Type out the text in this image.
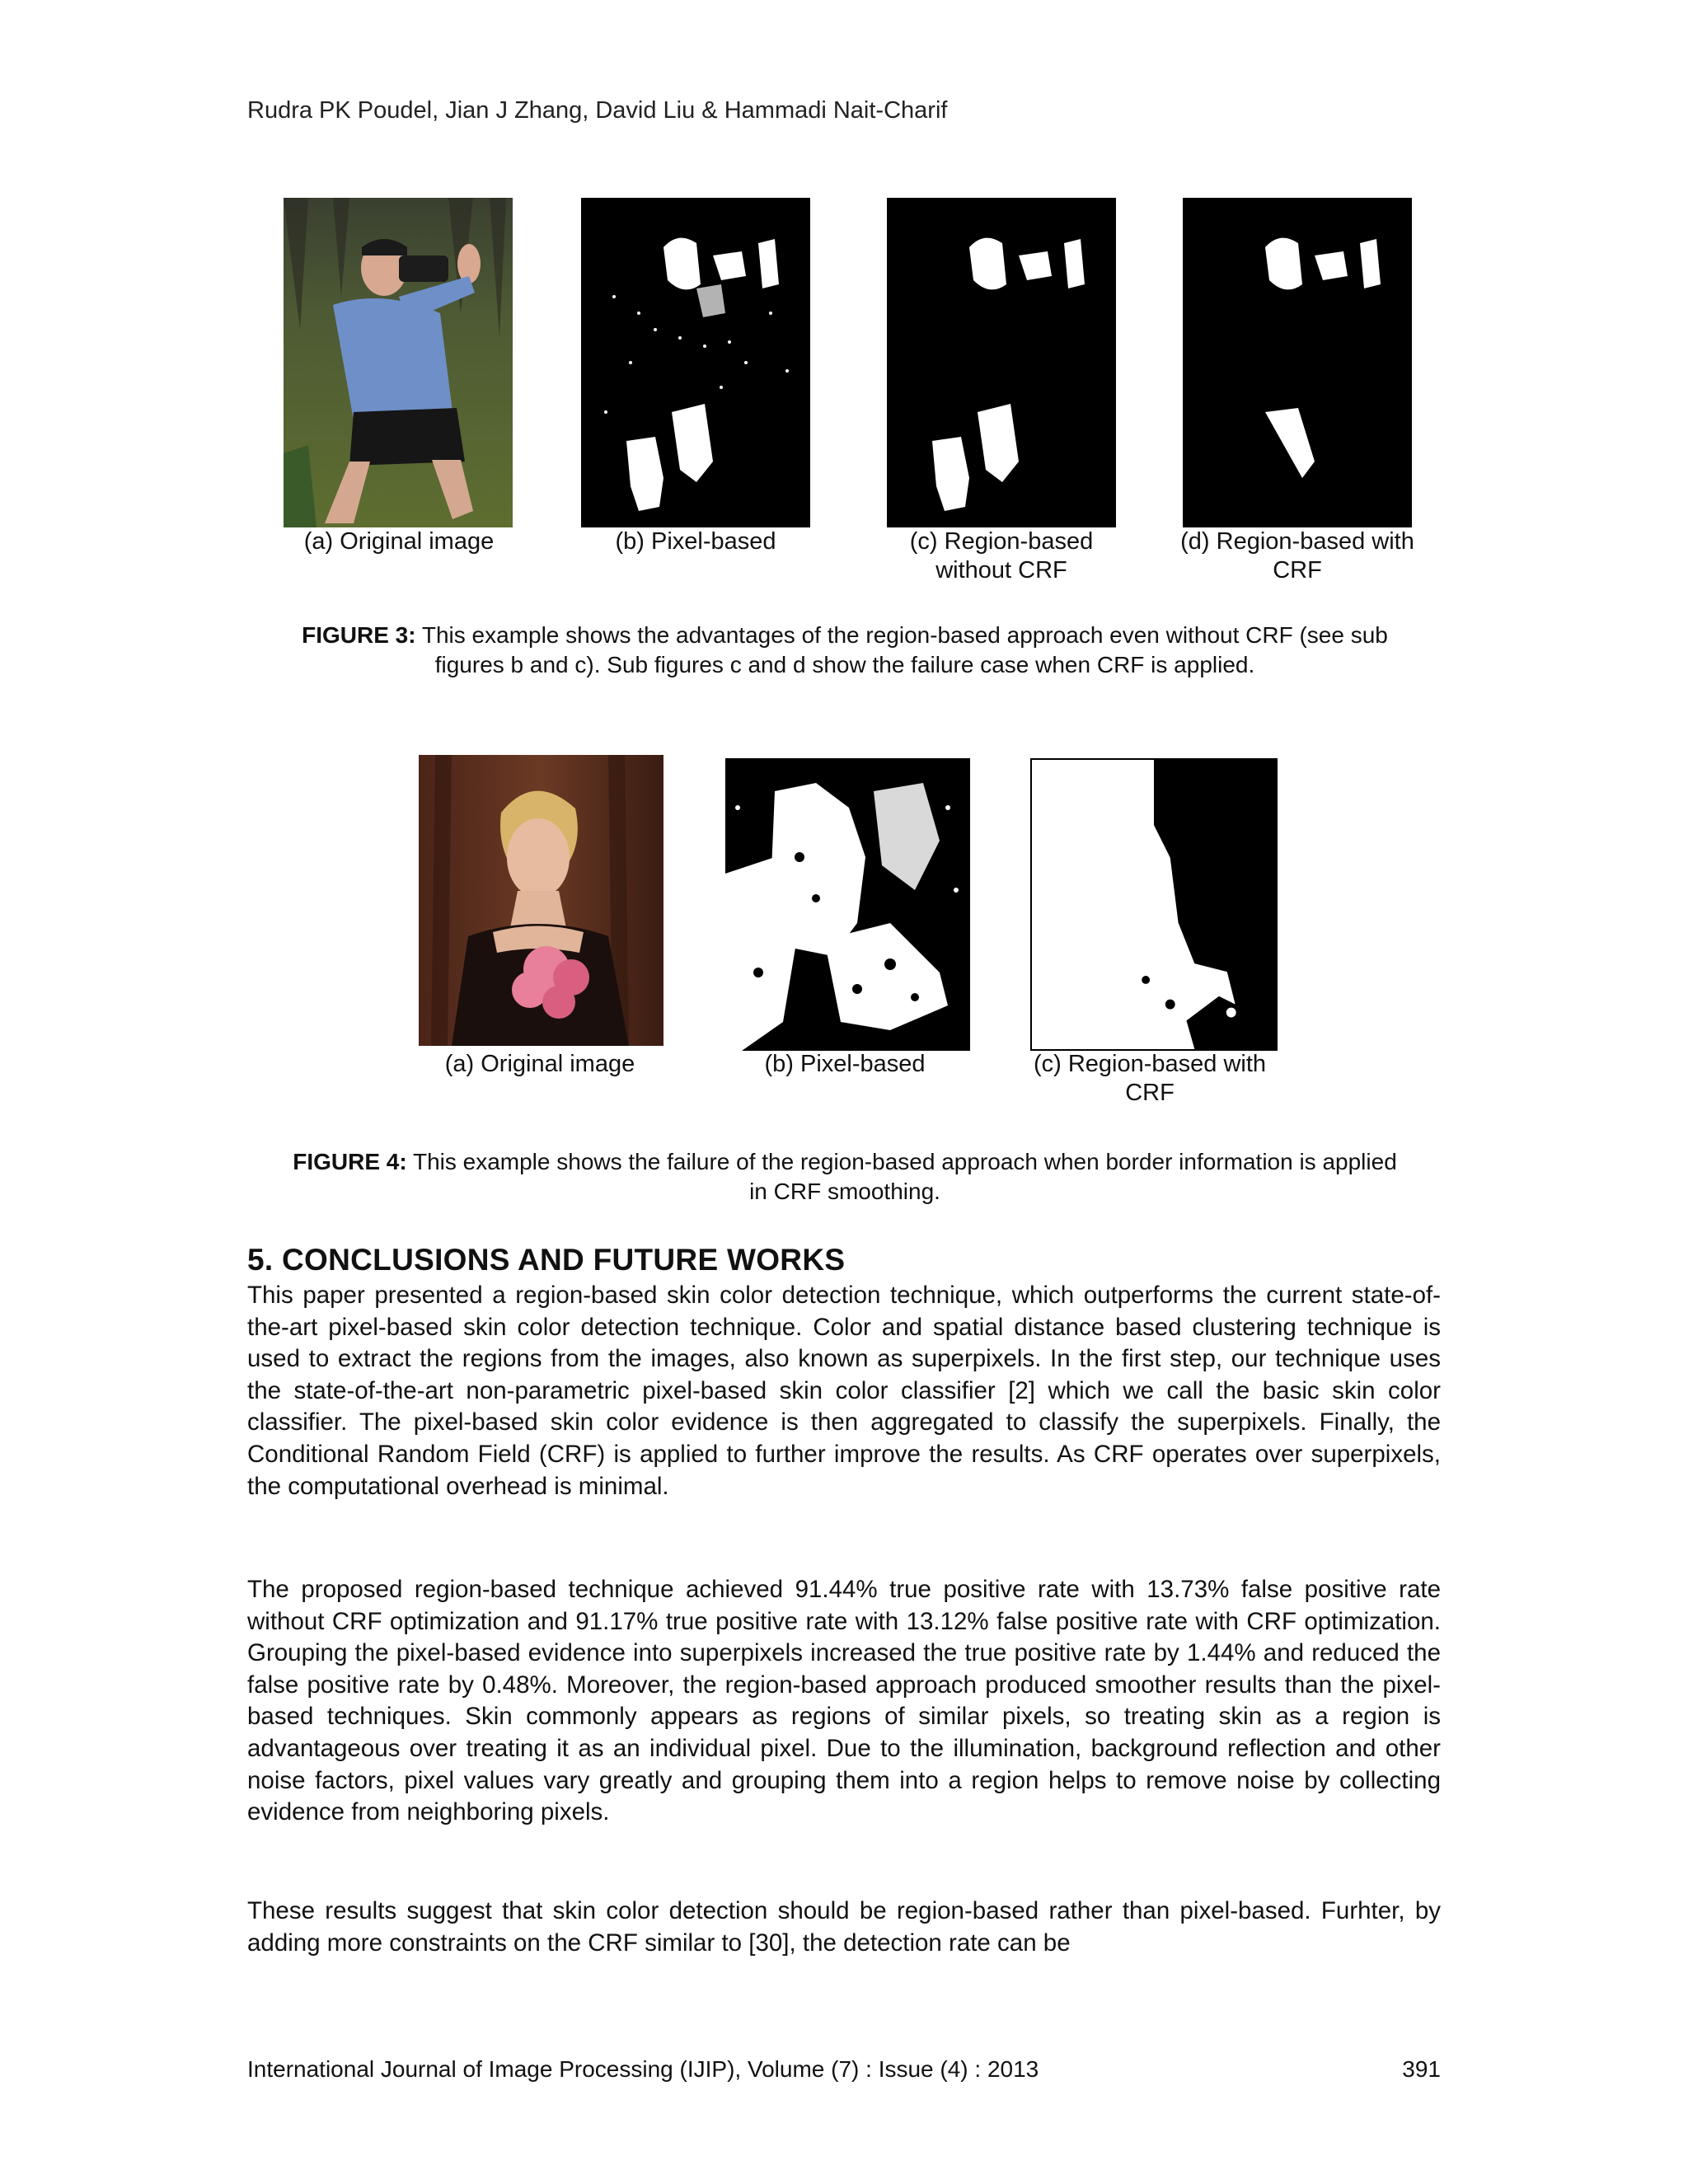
Rudra PK Poudel, Jian J Zhang, David Liu & Hammadi Nait-Charif
(a) Original image	(b) Pixel-based	(c) Region-based
without CRF
(d) Region-based with
CRF
FIGURE 3: This example shows the advantages of the region-based approach even without CRF (see sub
figures b and c). Sub figures c and d show the failure case when CRF is applied.
(a) Original image	(b) Pixel-based	(c) Region-based with
CRF
FIGURE 4: This example shows the failure of the region-based approach when border information is applied
in CRF smoothing.
5. CONCLUSIONS AND FUTURE WORKS
This paper presented a region-based skin color detection technique, which outperforms the current state-of-the-art pixel-based skin color detection technique. Color and spatial distance based clustering technique is used to extract the regions from the images, also known as superpixels. In the first step, our technique uses the state-of-the-art non-parametric pixel-based skin color classifier [2] which we call the basic skin color classifier. The pixel-based skin color evidence is then aggregated to classify the superpixels. Finally, the Conditional Random Field (CRF) is applied to further improve the results. As CRF operates over superpixels, the computational overhead is minimal.
The proposed region-based technique achieved 91.44% true positive rate with 13.73% false positive rate without CRF optimization and 91.17% true positive rate with 13.12% false positive rate with CRF optimization. Grouping the pixel-based evidence into superpixels increased the true positive rate by 1.44% and reduced the false positive rate by 0.48%. Moreover, the region-based approach produced smoother results than the pixel-based techniques. Skin commonly appears as regions of similar pixels, so treating skin as a region is advantageous over treating it as an individual pixel. Due to the illumination, background reflection and other noise factors, pixel values vary greatly and grouping them into a region helps to remove noise by collecting evidence from neighboring pixels.
These results suggest that skin color detection should be region-based rather than pixel-based. Furhter, by adding more constraints on the CRF similar to [30], the detection rate can be
International Journal of Image Processing (IJIP), Volume (7) : Issue (4) : 2013	391
